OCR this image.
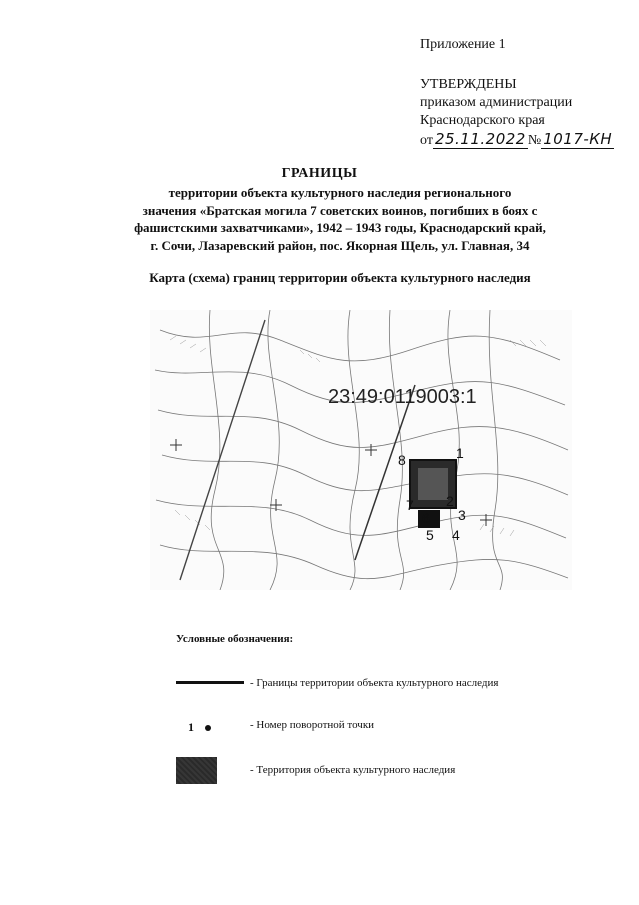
Приложение 1
УТВЕРЖДЕНЫ
приказом администрации
Краснодарского края
от 25.11.2022 № 1017-КН
ГРАНИЦЫ
территории объекта культурного наследия регионального
значения «Братская могила 7 советских воинов, погибших в боях с
фашистскими захватчиками», 1942 – 1943 годы, Краснодарский край,
г. Сочи, Лазаревский район, пос. Якорная Щель, ул. Главная, 34
Карта (схема) границ территории объекта культурного наследия
23:49:0119003:1
8	1
7 2
6 3
5 4
Условные обозначения:
- Границы территории объекта культурного наследия
1	- Номер поворотной точки
- Территория объекта культурного наследия
